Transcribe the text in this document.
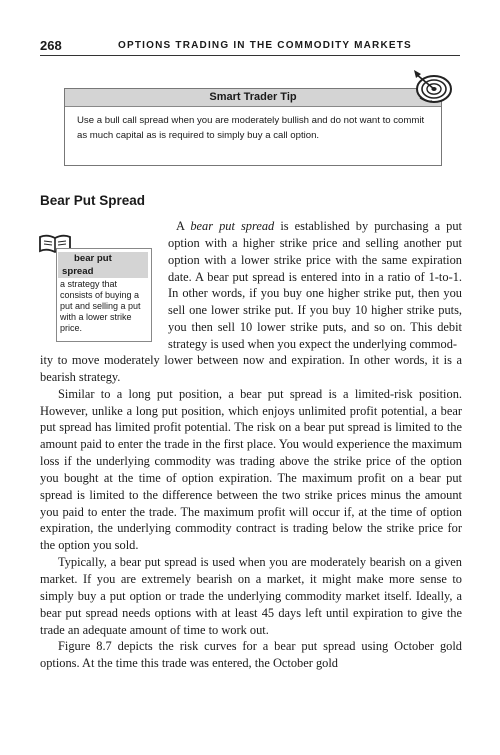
268	OPTIONS TRADING IN THE COMMODITY MARKETS
Smart Trader Tip
Use a bull call spread when you are moderately bullish and do not want to commit as much capital as is required to simply buy a call option.
Bear Put Spread
bear put spread
a strategy that consists of buying a put and selling a put with a lower strike price.
A bear put spread is established by purchasing a put option with a higher strike price and selling another put option with a lower strike price with the same expiration date. A bear put spread is entered into in a ratio of 1-to-1. In other words, if you buy one higher strike put, then you sell one lower strike put. If you buy 10 higher strike puts, you then sell 10 lower strike puts, and so on. This debit strategy is used when you expect the underlying commod-

ity to move moderately lower between now and expiration. In other words, it is a bearish strategy.

Similar to a long put position, a bear put spread is a limited-risk position. However, unlike a long put position, which enjoys unlimited profit potential, a bear put spread has limited profit potential. The risk on a bear put spread is limited to the amount paid to enter the trade in the first place. You would experience the maximum loss if the underlying commodity was trading above the strike price of the option you bought at the time of option expiration. The maximum profit on a bear put spread is limited to the difference between the two strike prices minus the amount you paid to enter the trade. The maximum profit will occur if, at the time of option expiration, the underlying commodity contract is trading below the strike price for the option you sold.

Typically, a bear put spread is used when you are moderately bearish on a given market. If you are extremely bearish on a market, it might make more sense to simply buy a put option or trade the underlying commodity market itself. Ideally, a bear put spread needs options with at least 45 days left until expiration to give the trade an adequate amount of time to work out.

Figure 8.7 depicts the risk curves for a bear put spread using October gold options. At the time this trade was entered, the October gold
